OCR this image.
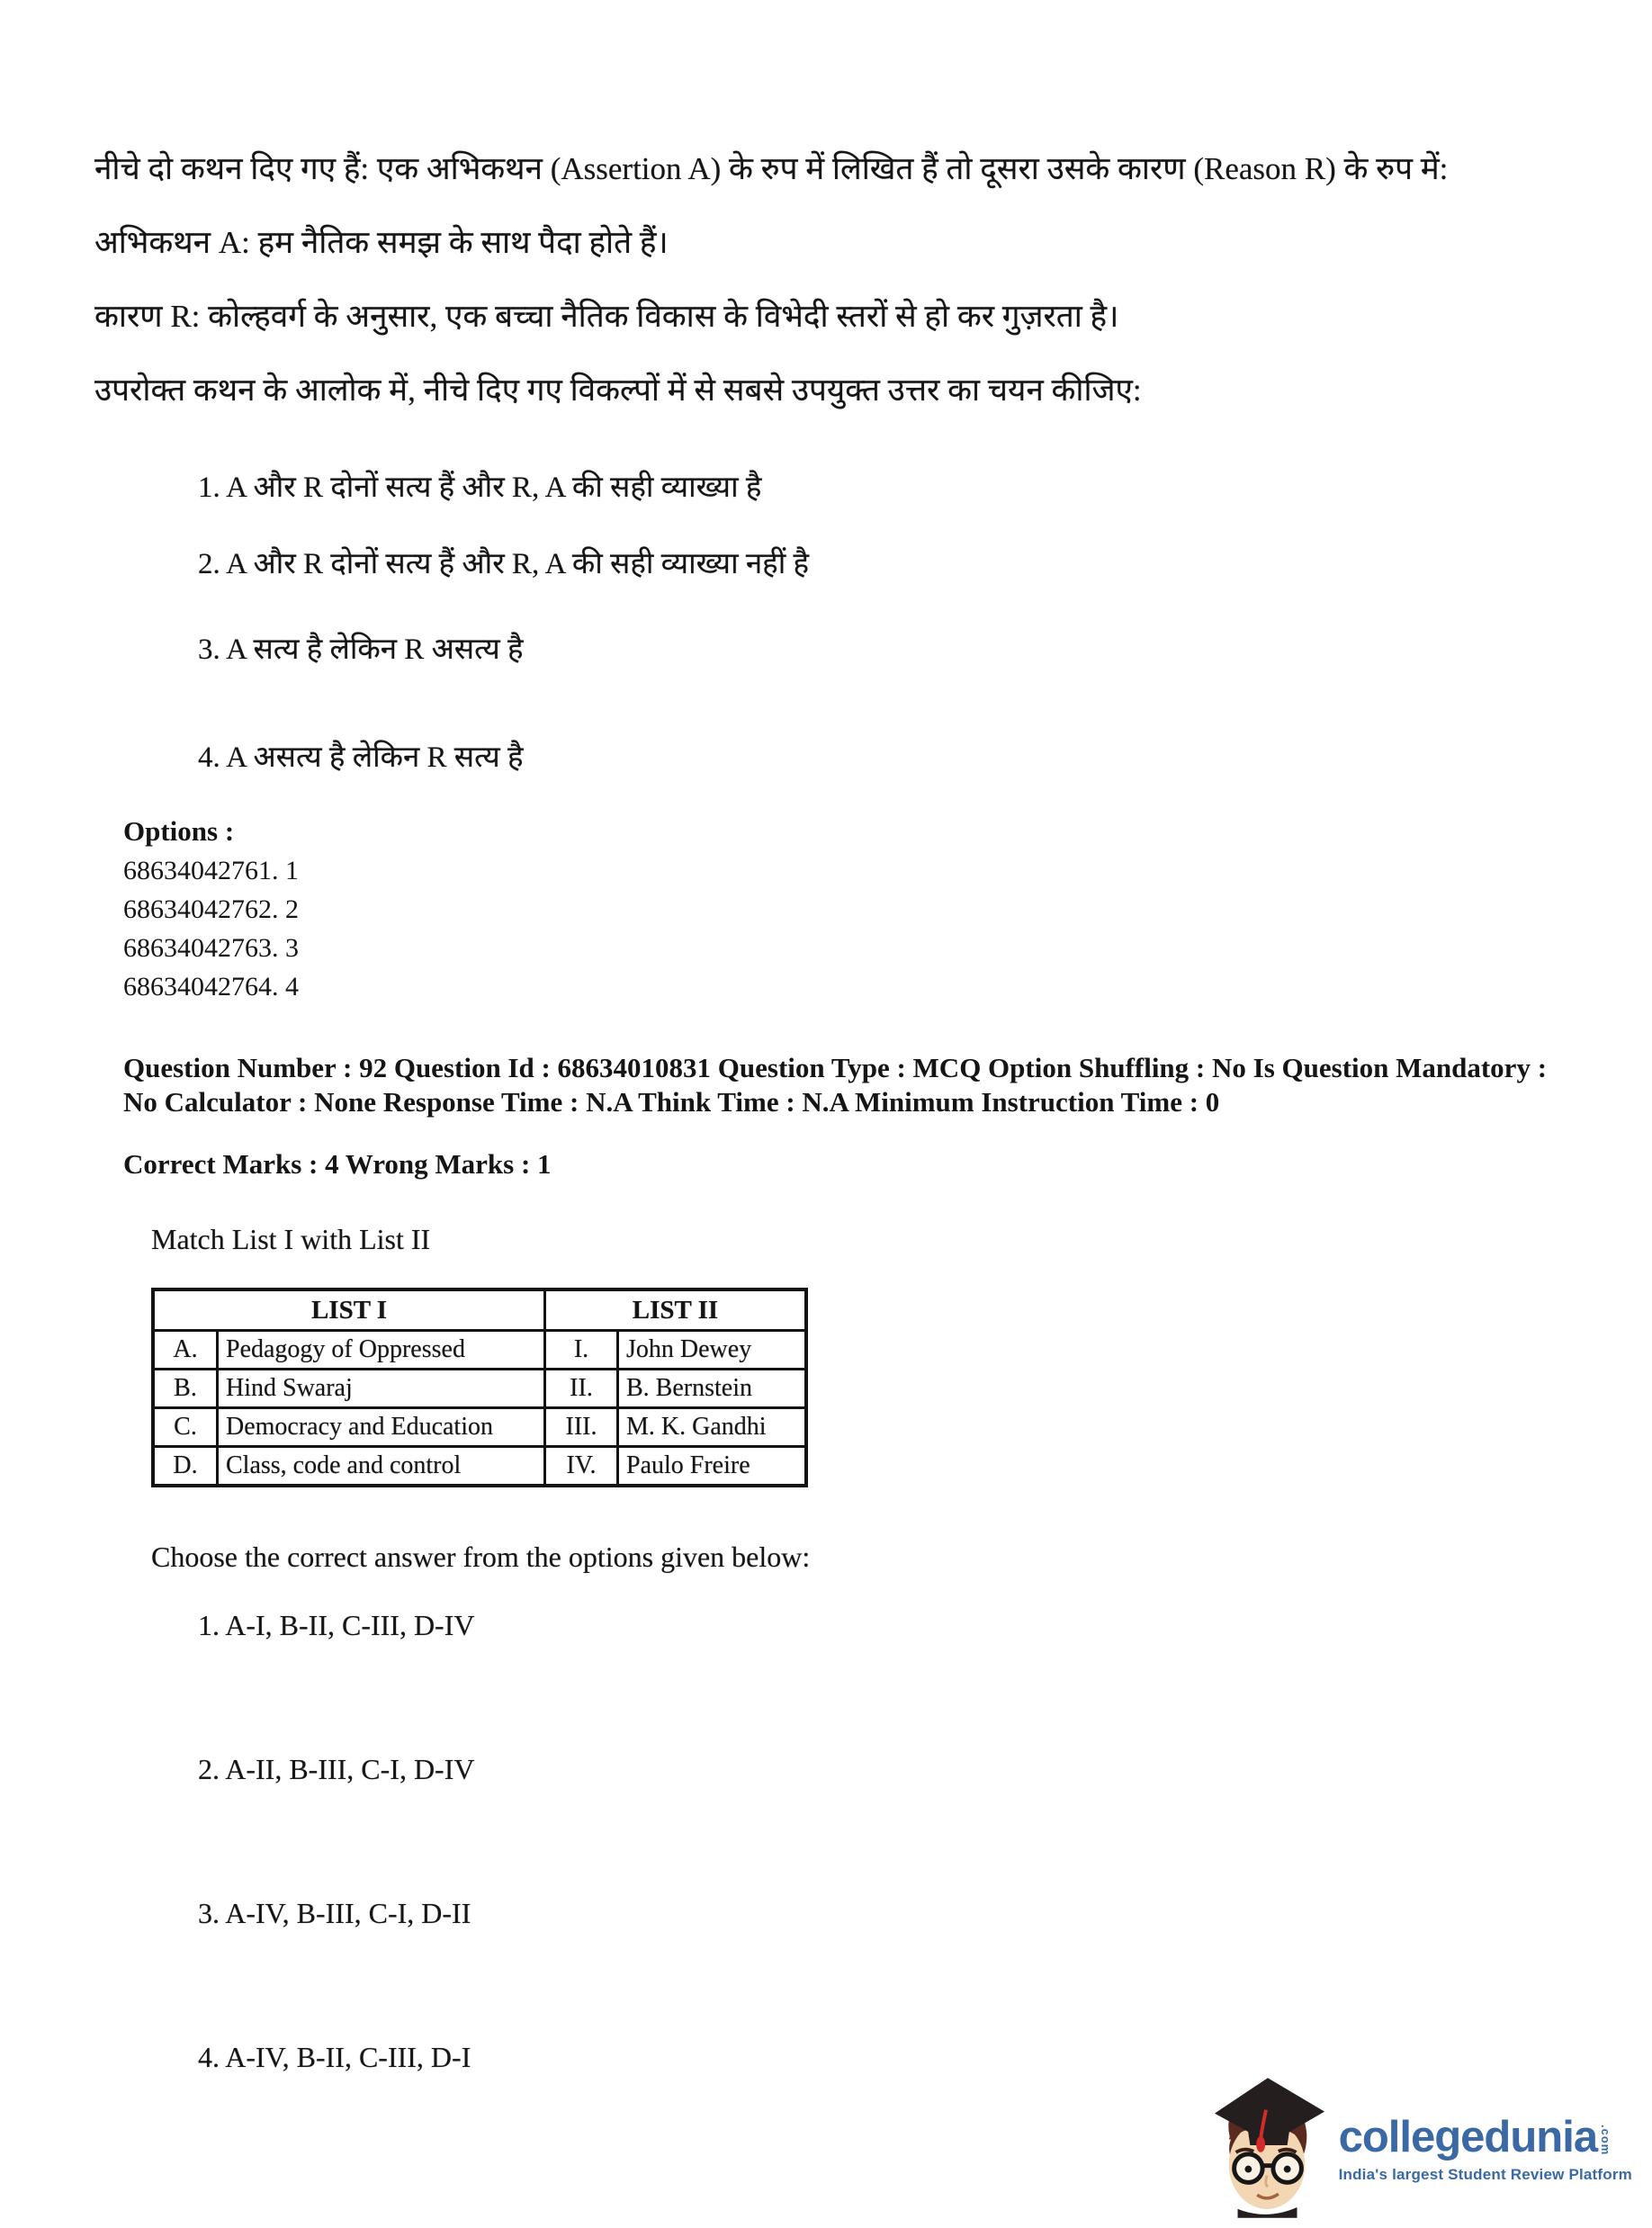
नीचे दो कथन दिए गए हैं: एक अभिकथन (Assertion A) के रुप में लिखित हैं तो दूसरा उसके कारण (Reason R) के रुप में:

अभिकथन A: हम नैतिक समझ के साथ पैदा होते हैं।

कारण R: कोल्हवर्ग के अनुसार, एक बच्चा नैतिक विकास के विभेदी स्तरों से हो कर गुज़रता है।

उपरोक्त कथन के आलोक में, नीचे दिए गए विकल्पों में से सबसे उपयुक्त उत्तर का चयन कीजिए:

1. A और R दोनों सत्य हैं और R, A की सही व्याख्या है
2. A और R दोनों सत्य हैं और R, A की सही व्याख्या नहीं है
3. A सत्य है लेकिन R असत्य है
4. A असत्य है लेकिन R सत्य है
Options :
68634042761. 1
68634042762. 2
68634042763. 3
68634042764. 4

Question Number : 92 Question Id : 68634010831 Question Type : MCQ Option Shuffling : No Is Question Mandatory : No Calculator : None Response Time : N.A Think Time : N.A Minimum Instruction Time : 0

Correct Marks : 4 Wrong Marks : 1

Match List I with List II

LIST I		LIST II	
A.	Pedagogy of Oppressed	I.	John Dewey
B.	Hind Swaraj	II.	B. Bernstein
C.	Democracy and Education	III.	M. K. Gandhi
D.	Class, code and control	IV.	Paulo Freire

Choose the correct answer from the options given below:

1. A-I, B-II, C-III, D-IV
2. A-II, B-III, C-I, D-IV
3. A-IV, B-III, C-I, D-II
4. A-IV, B-II, C-III, D-I
collegedunia .com
India's largest Student Review Platform
